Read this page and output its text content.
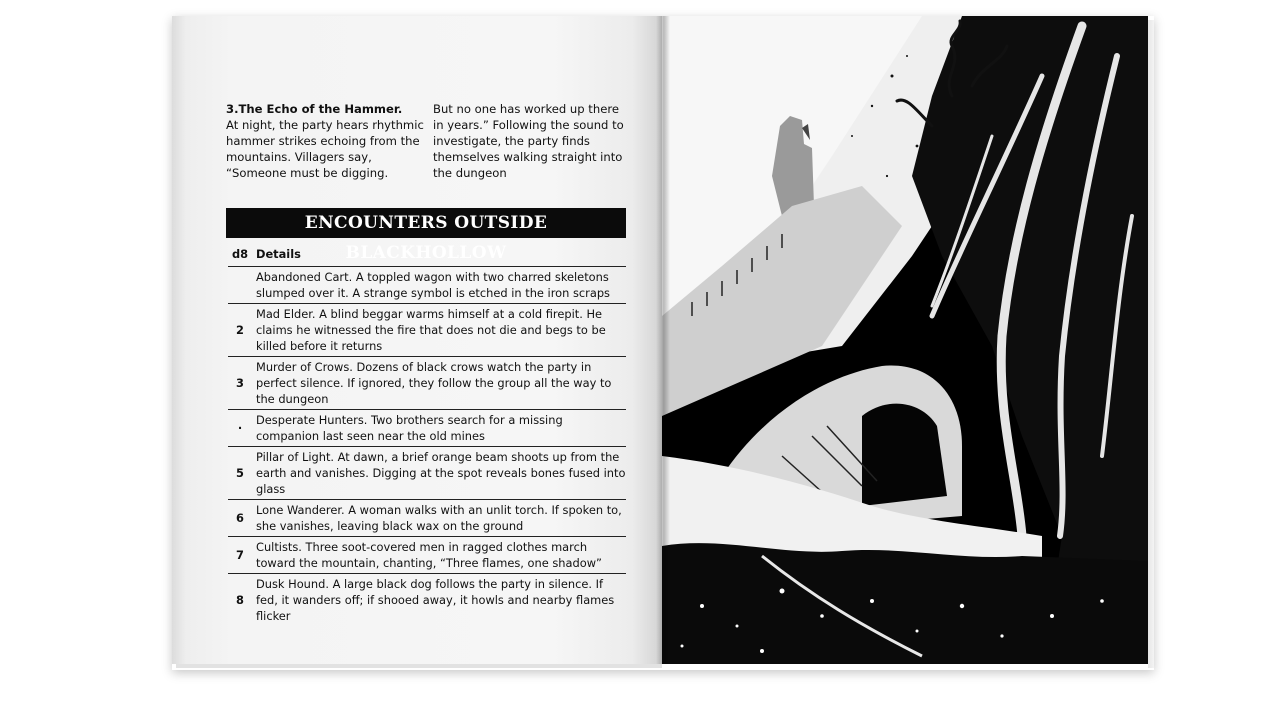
3.The Echo of the Hammer.

At night, the party hears rhythmic hammer strikes echoing from the mountains. Villagers say, “Someone must be digging.

But no one has worked up there in years.” Following the sound to investigate, the party finds themselves walking straight into the dungeon

ENCOUNTERS OUTSIDE BLACKHOLLOW
d8 Details
Abandoned Cart. A toppled wagon with two charred skeletons slumped over it. A strange symbol is etched in the iron scraps
2
Mad Elder. A blind beggar warms himself at a cold firepit. He claims he witnessed the fire that does not die and begs to be killed before it returns
3
Murder of Crows. Dozens of black crows watch the party in perfect silence. If ignored, they follow the group all the way to the dungeon
·
Desperate Hunters. Two brothers search for a missing companion last seen near the old mines
5
Pillar of Light. At dawn, a brief orange beam shoots up from the earth and vanishes. Digging at the spot reveals bones fused into glass
6
Lone Wanderer. A woman walks with an unlit torch. If spoken to, she vanishes, leaving black wax on the ground
7
Cultists. Three soot-covered men in ragged clothes march toward the mountain, chanting, “Three flames, one shadow”
8
Dusk Hound. A large black dog follows the party in silence. If fed, it wanders off; if shooed away, it howls and nearby flames flicker
